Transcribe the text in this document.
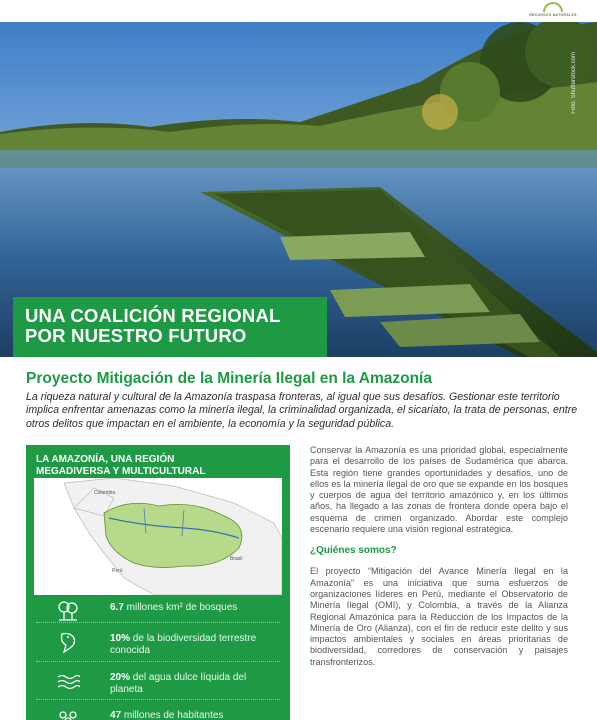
RECURSOS NATURALES
Foto: Shutterstock.com
UNA COALICIÓN REGIONAL
POR NUESTRO FUTURO
Proyecto Mitigación de la Minería Ilegal en la Amazonía
La riqueza natural y cultural de la Amazonía traspasa fronteras, al igual que sus desafíos. Gestionar este territorio implica enfrentar amenazas como la minería ilegal, la criminalidad organizada, el sicariato, la trata de personas, entre otros delitos que impactan en el ambiente, la economía y la seguridad pública.
LA AMAZONÍA, UNA REGIÓN
MEGADIVERSA Y MULTICULTURAL
Colombia
Perú
Brasil
6.7 millones km² de bosques
10% de la biodiversidad terrestre conocida
20% del agua dulce líquida del planeta
47 millones de habitantes

Conservar la Amazonía es una prioridad global, especialmente para el desarrollo de los países de Sudamérica que abarca. Esta región tiene grandes oportunidades y desafíos, uno de ellos es la minería ilegal de oro que se expande en los bosques y cuerpos de agua del territorio amazónico y, en los últimos años, ha llegado a las zonas de frontera donde opera bajo el esquema de crimen organizado. Abordar este complejo escenario requiere una visión regional estratégica.

¿Quiénes somos?

El proyecto “Mitigación del Avance Minería Ilegal en la Amazonía” es una iniciativa que suma esfuerzos de organizaciones líderes en Perú, mediante el Observatorio de Minería Ilegal (OMI), y Colombia, a través de la Alianza Regional Amazónica para la Reducción de los Impactos de la Minería de Oro (Alianza), con el fin de reducir este delito y sus impactos ambientales y sociales en áreas prioritarias de biodiversidad, corredores de conservación y paisajes transfronterizos.
